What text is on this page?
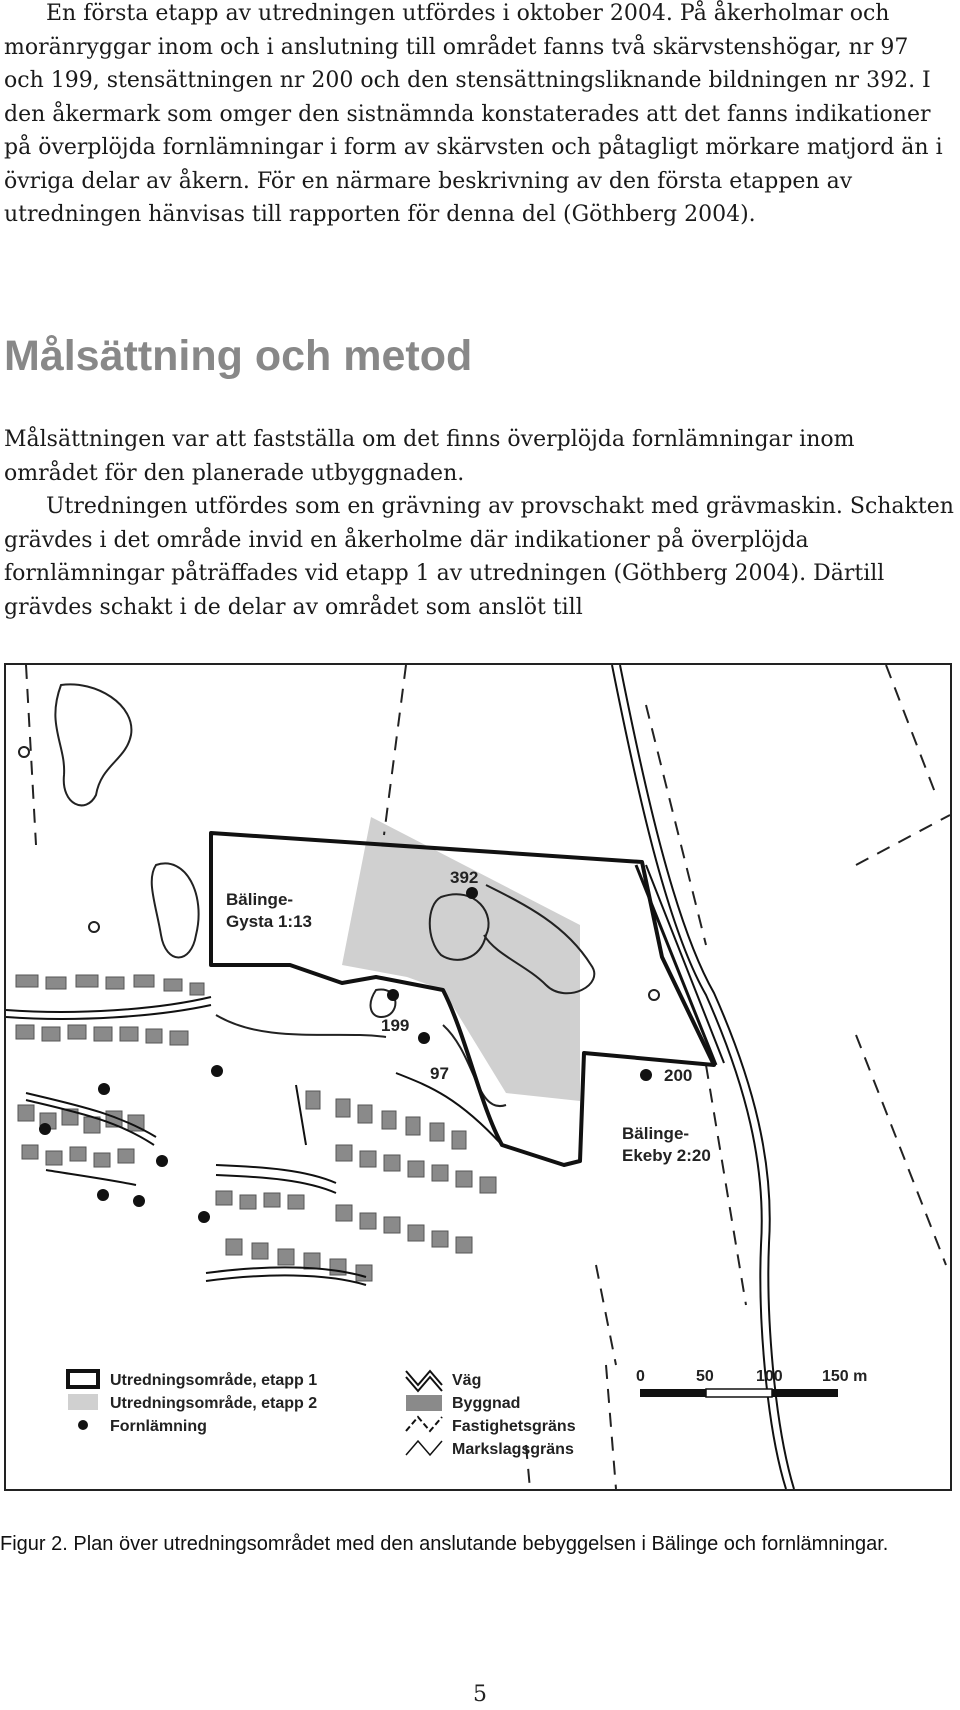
En första etapp av utredningen utfördes i oktober 2004. På åkerholmar och moränryggar inom och i anslutning till området fanns två skärvstenshögar, nr 97 och 199, stensättningen nr 200 och den stensättningsliknande bildningen nr 392. I den åkermark som omger den sistnämnda konstaterades att det fanns indikationer på överplöjda fornlämningar i form av skärvsten och påtagligt mörkare matjord än i övriga delar av åkern. För en närmare beskrivning av den första etappen av utredningen hänvisas till rapporten för denna del (Göthberg 2004).

Målsättning och metod

Målsättningen var att fastställa om det finns överplöjda fornlämningar inom området för den planerade utbyggnaden.

Utredningen utfördes som en grävning av provschakt med grävmaskin. Schakten grävdes i det område invid en åkerholme där indikationer på överplöjda fornlämningar påträffades vid etapp 1 av utredningen (Göthberg 2004). Därtill grävdes schakt i de delar av området som anslöt till

392
Bälinge-
Gysta 1:13
199
97	200
Bälinge-
Ekeby 2:20
Utredningsområde, etapp 1
Utredningsområde, etapp 2
Fornlämning
Väg
Byggnad
Fastighetsgräns
Markslagsgräns
0	50	100 150 m

Figur 2. Plan över utredningsområdet med den anslutande bebyggelsen i Bälinge och fornlämningar.

5
